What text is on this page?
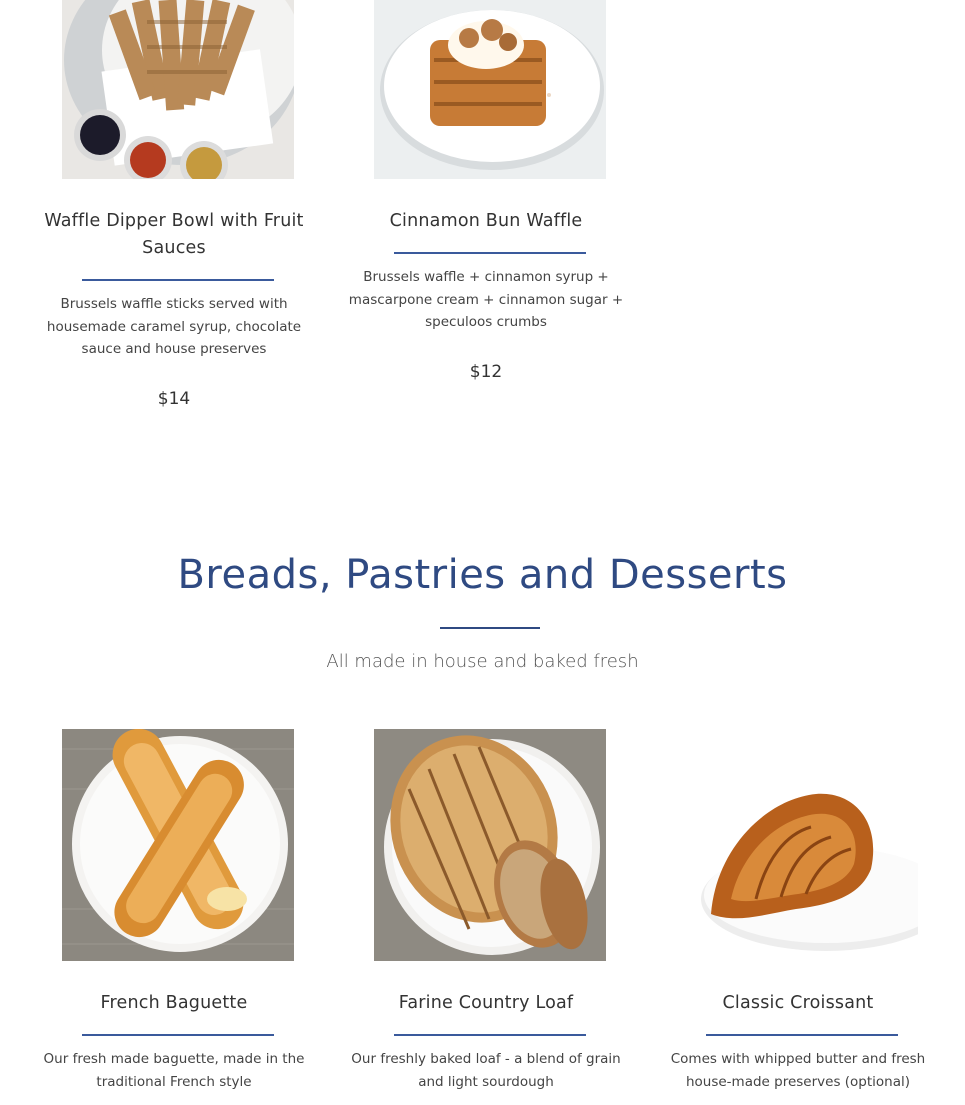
Waffle Dipper Bowl with Fruit Sauces
Brussels waffle sticks served with housemade caramel syrup, chocolate sauce and house preserves
$14
Cinnamon Bun Waffle
Brussels waffle + cinnamon syrup + mascarpone cream + cinnamon sugar + speculoos crumbs
$12
Breads, Pastries and Desserts
All made in house and baked fresh
French Baguette
Our fresh made baguette, made in the traditional French style
Farine Country Loaf
Our freshly baked loaf - a blend of grain and light sourdough
Classic Croissant
Comes with whipped butter and fresh house-made preserves (optional)
